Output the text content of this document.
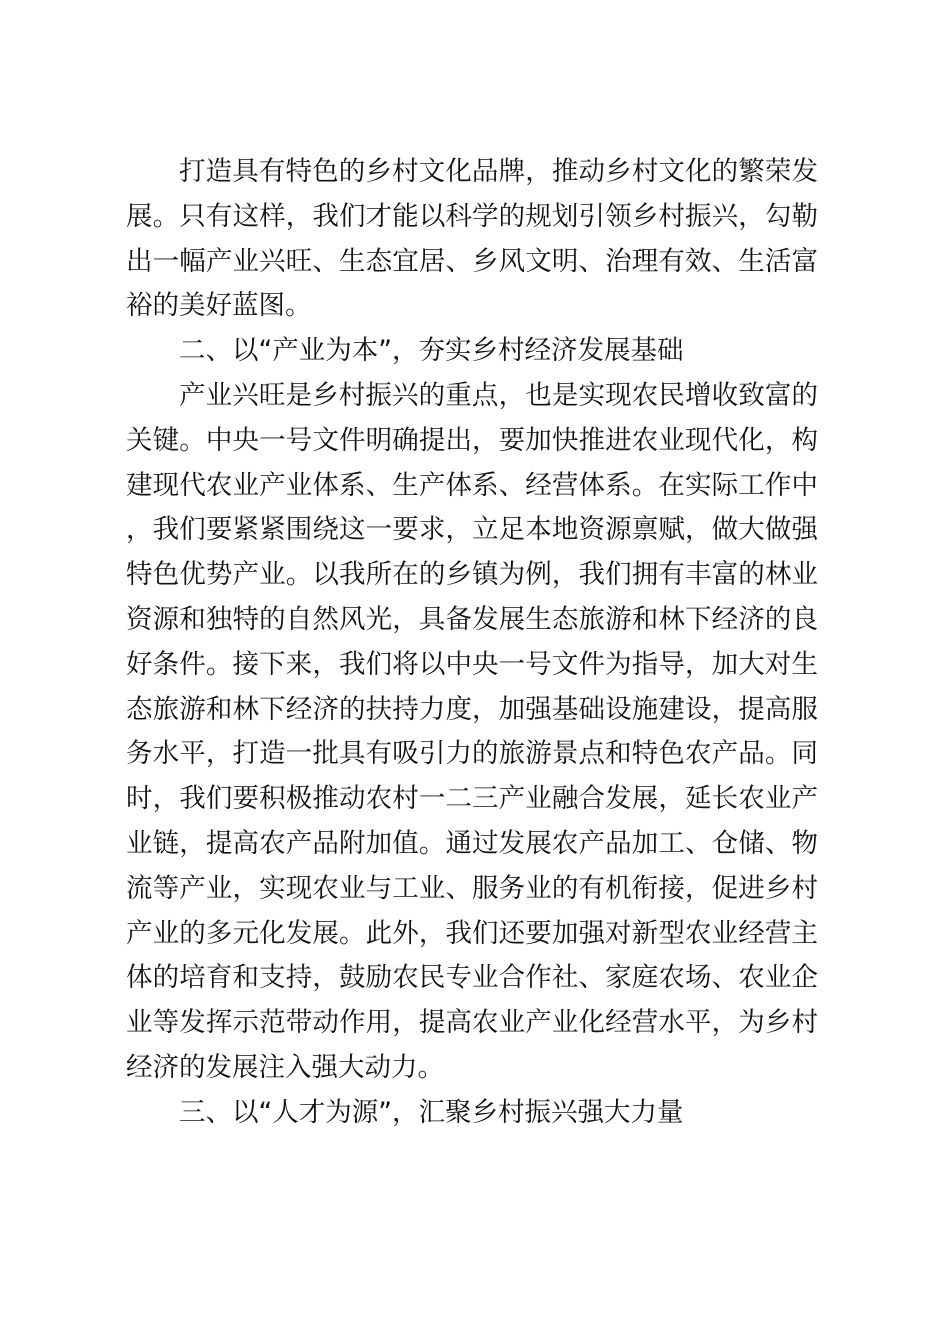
打造具有特色的乡村文化品牌，推动乡村文化的繁荣发展。只有这样，我们才能以科学的规划引领乡村振兴，勾勒出一幅产业兴旺、生态宜居、乡风文明、治理有效、生活富裕的美好蓝图。

二、以“产业为本”，夯实乡村经济发展基础

产业兴旺是乡村振兴的重点，也是实现农民增收致富的关键。中央一号文件明确提出，要加快推进农业现代化，构建现代农业产业体系、生产体系、经营体系。在实际工作中，我们要紧紧围绕这一要求，立足本地资源禀赋，做大做强特色优势产业。以我所在的乡镇为例，我们拥有丰富的林业资源和独特的自然风光，具备发展生态旅游和林下经济的良好条件。接下来，我们将以中央一号文件为指导，加大对生态旅游和林下经济的扶持力度，加强基础设施建设，提高服务水平，打造一批具有吸引力的旅游景点和特色农产品。同时，我们要积极推动农村一二三产业融合发展，延长农业产业链，提高农产品附加值。通过发展农产品加工、仓储、物流等产业，实现农业与工业、服务业的有机衔接，促进乡村产业的多元化发展。此外，我们还要加强对新型农业经营主体的培育和支持，鼓励农民专业合作社、家庭农场、农业企业等发挥示范带动作用，提高农业产业化经营水平，为乡村经济的发展注入强大动力。

三、以“人才为源”，汇聚乡村振兴强大力量
